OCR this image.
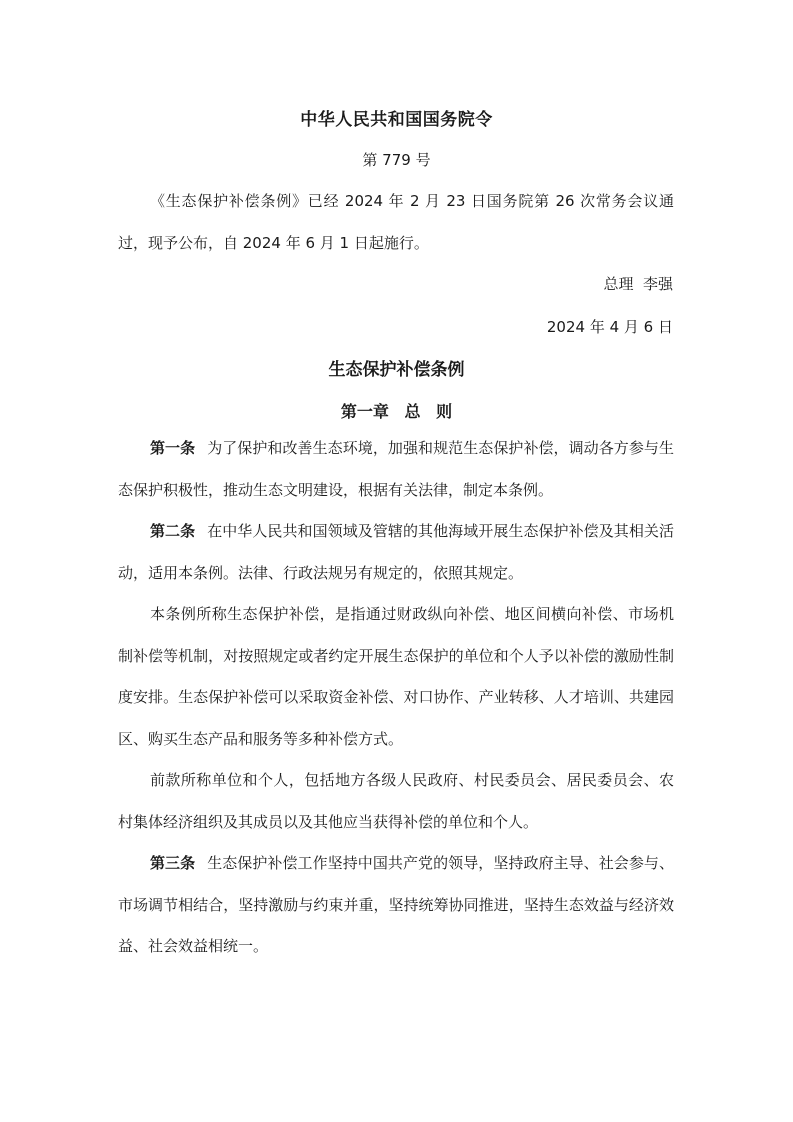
中华人民共和国国务院令
第 779 号

《生态保护补偿条例》已经 2024 年 2 月 23 日国务院第 26 次常务会议通过，现予公布，自 2024 年 6 月 1 日起施行。

总理  李强
2024 年 4 月 6 日
生态保护补偿条例
第一章 总 则

第一条 为了保护和改善生态环境，加强和规范生态保护补偿，调动各方参与生态保护积极性，推动生态文明建设，根据有关法律，制定本条例。

第二条 在中华人民共和国领域及管辖的其他海域开展生态保护补偿及其相关活动，适用本条例。法律、行政法规另有规定的，依照其规定。

本条例所称生态保护补偿，是指通过财政纵向补偿、地区间横向补偿、市场机制补偿等机制，对按照规定或者约定开展生态保护的单位和个人予以补偿的激励性制度安排。生态保护补偿可以采取资金补偿、对口协作、产业转移、人才培训、共建园区、购买生态产品和服务等多种补偿方式。

前款所称单位和个人，包括地方各级人民政府、村民委员会、居民委员会、农村集体经济组织及其成员以及其他应当获得补偿的单位和个人。

第三条 生态保护补偿工作坚持中国共产党的领导，坚持政府主导、社会参与、市场调节相结合，坚持激励与约束并重，坚持统筹协同推进，坚持生态效益与经济效益、社会效益相统一。
